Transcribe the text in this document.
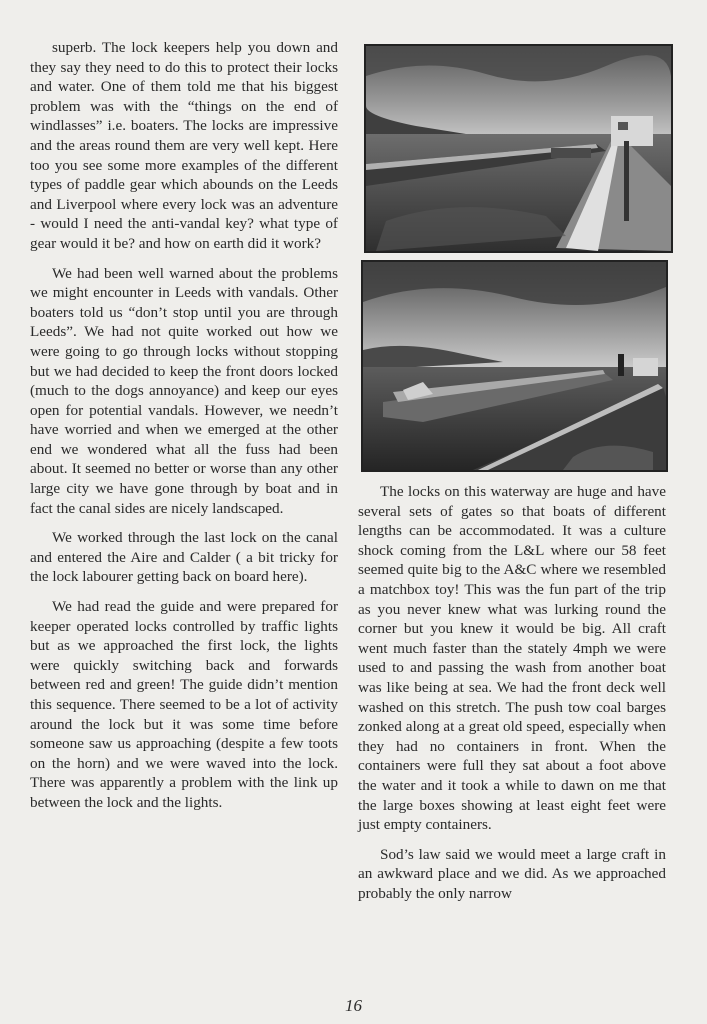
superb. The lock keepers help you down and they say they need to do this to protect their locks and water. One of them told me that his biggest problem was with the “things on the end of windlasses” i.e. boaters. The locks are impressive and the areas round them are very well kept. Here too you see some more examples of the different types of paddle gear which abounds on the Leeds and Liverpool where every lock was an adventure - would I need the anti-vandal key? what type of gear would it be? and how on earth did it work?

We had been well warned about the problems we might encounter in Leeds with vandals. Other boaters told us “don’t stop until you are through Leeds”. We had not quite worked out how we were going to go through locks without stopping but we had decided to keep the front doors locked (much to the dogs annoyance) and keep our eyes open for potential vandals. However, we needn’t have worried and when we emerged at the other end we wondered what all the fuss had been about. It seemed no better or worse than any other large city we have gone through by boat and in fact the canal sides are nicely landscaped.

We worked through the last lock on the canal and entered the Aire and Calder ( a bit tricky for the lock labourer getting back on board here).

We had read the guide and were prepared for keeper operated locks controlled by traffic lights but as we approached the first lock, the lights were quickly switching back and forwards between red and green! The guide didn’t mention this sequence. There seemed to be a lot of activity around the lock but it was some time before someone saw us approaching (despite a few toots on the horn) and we were waved into the lock. There was apparently a problem with the link up between the lock and the lights.

The locks on this waterway are huge and have several sets of gates so that boats of different lengths can be accommodated. It was a culture shock coming from the L&L where our 58 feet seemed quite big to the A&C where we resembled a matchbox toy! This was the fun part of the trip as you never knew what was lurking round the corner but you knew it would be big. All craft went much faster than the stately 4mph we were used to and passing the wash from another boat was like being at sea. We had the front deck well washed on this stretch. The push tow coal barges zonked along at a great old speed, especially when they had no containers in front. When the containers were full they sat about a foot above the water and it took a while to dawn on me that the large boxes showing at least eight feet were just empty containers.

Sod’s law said we would meet a large craft in an awkward place and we did. As we approached probably the only narrow

16
